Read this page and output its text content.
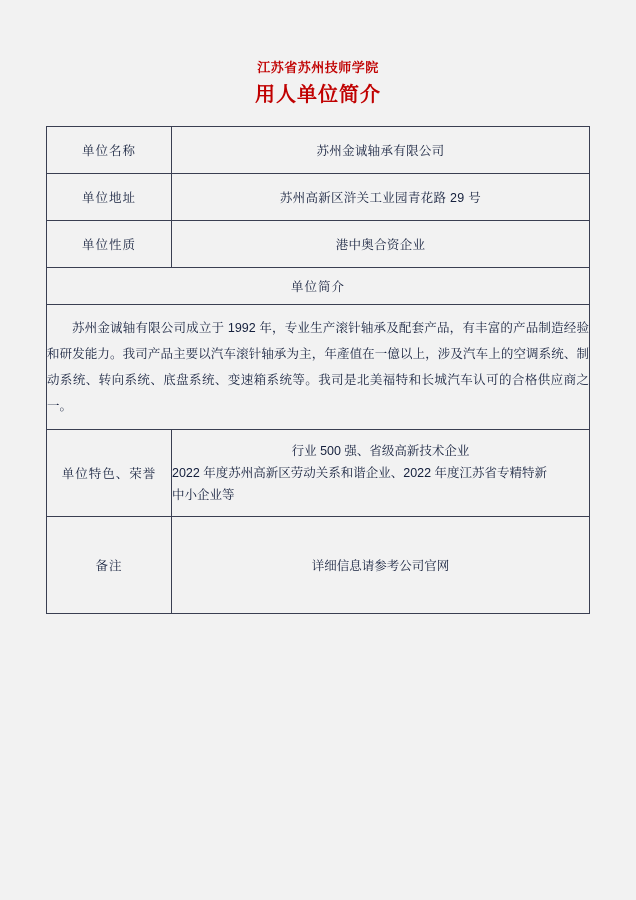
江苏省苏州技师学院
用人单位简介
单位名称	苏州金诚轴承有限公司
单位地址	苏州高新区浒关工业园青花路 29 号
单位性质	港中奥合资企业
单位简介	

苏州金诚轴有限公司成立于 1992 年，专业生产滚针轴承及配套产品，有丰富的产品制造经验和研发能力。我司产品主要以汽车滚针轴承为主，年產值在一億以上，涉及汽车上的空调系统、制动系统、转向系统、底盘系统、变速箱系统等。我司是北美福特和长城汽车认可的合格供应商之一。	

单位特色、荣誉	行业 500 强、省级高新技术企业
2022 年度苏州高新区劳动关系和谐企业、2022 年度江苏省专精特新
中小企业等

备注	详细信息请参考公司官网
